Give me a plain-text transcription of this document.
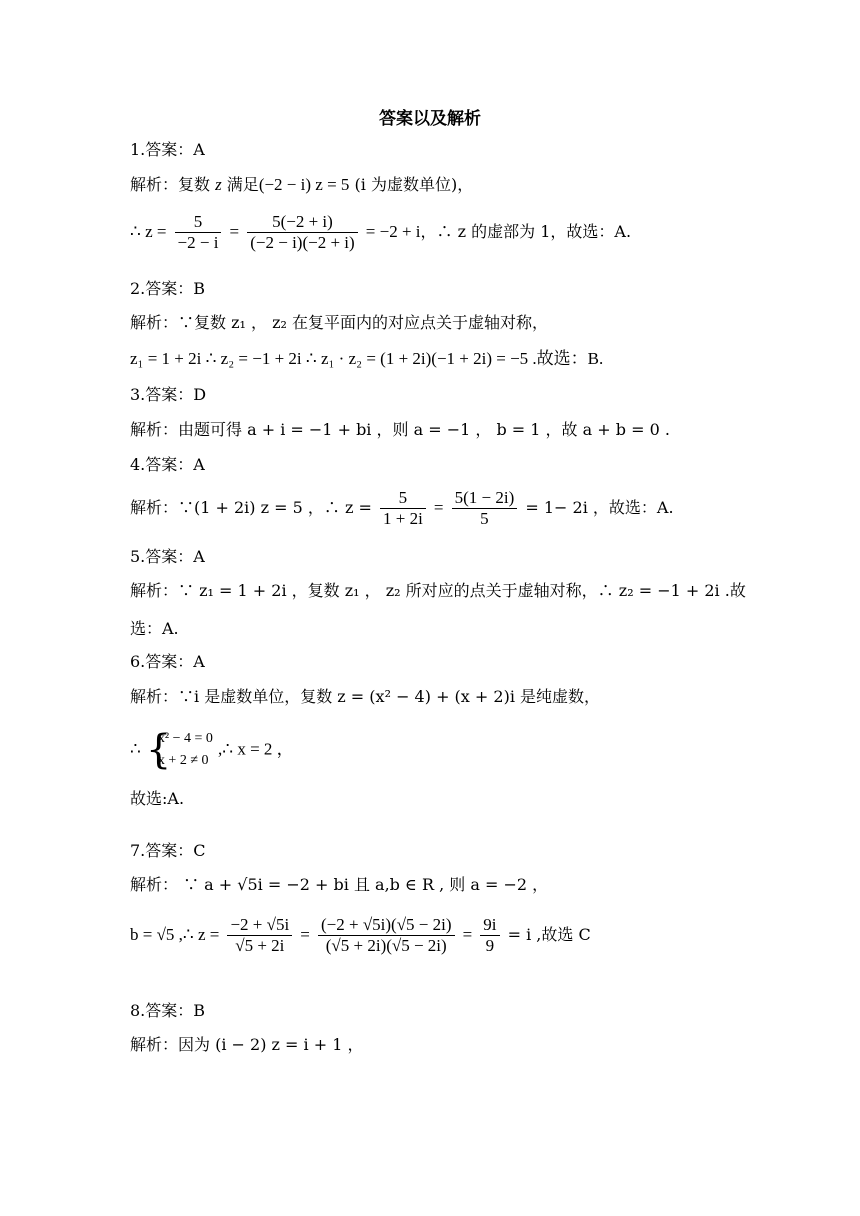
答案以及解析
1.答案：A
解析：复数 z 满足(−2 − i) z = 5 (i 为虚数单位)，
∴ $z = \frac{5}{-2 - i} = \frac{5(-2 + i)}{(-2 - i)(-2 + i)} = -2 + i$，∴ z 的虚部为 1，故选：A.
2.答案：B
解析：∵复数 z₁ ， z₂ 在复平面内的对应点关于虚轴对称，
z₁ = 1 + 2i ∴ z₂ = −1 + 2i ∴ z₁ · z₂ = (1 + 2i)(−1 + 2i) = −5 .故选：B.
3.答案：D
解析：由题可得 a + i = −1 + bi ，则 a = −1 ， b = 1 ，故 a + b = 0 .
4.答案：A
解析：∵(1 + 2i) z = 5 ，∴ $z = \frac{5}{1 + 2i} = \frac{5(1 - 2i)}{5} = 1- 2i$ ，故选：A.
5.答案：A
解析：∵ z₁ = 1 + 2i ，复数 z₁ ， z₂ 所对应的点关于虚轴对称，∴ z₂ = −1 + 2i .故
选：A.
6.答案：A
解析：∵i 是虚数单位，复数 z = (x² − 4) + (x + 2)i 是纯虚数，
∴ {
x² − 4 = 0
x + 2 ≠ 0
,∴ x = 2 ，
故选:A.
7.答案：C
解析： ∵ a + √5i = −2 + bi 且 a,b ∈ R , 则 a = −2 ，
b = √5 ,∴ $z = \frac{-2 + √5i}{√5 + 2i} = \frac{(-2 + √5i)(√5 - 2i)}{(√5 + 2i)(√5 - 2i)} = \frac{9i}{9} = i$ ,故选 C
8.答案：B
解析：因为 (i − 2) z = i + 1 ，
